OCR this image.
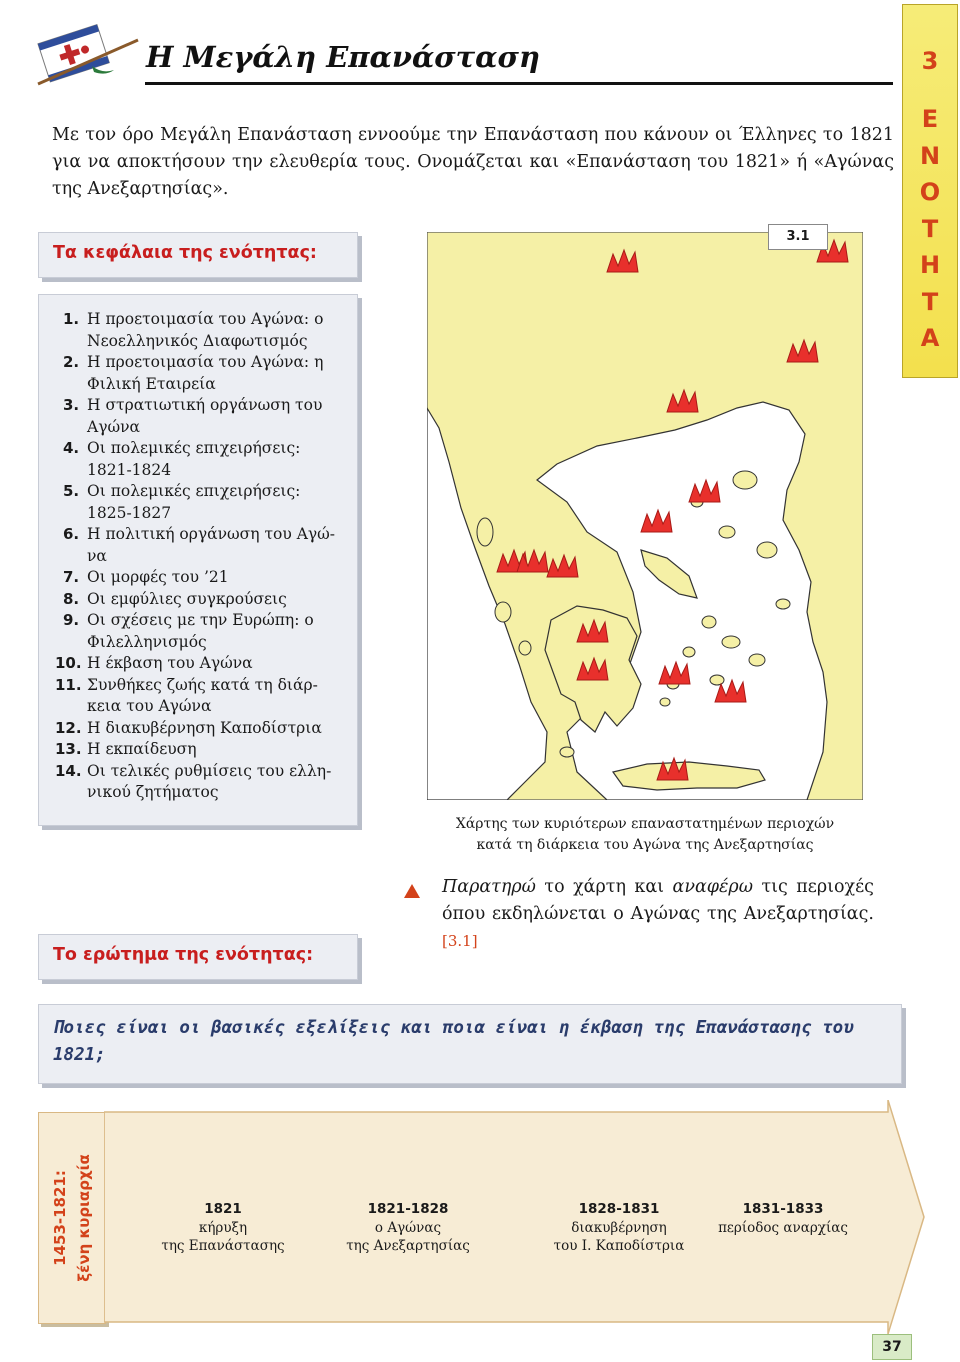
Η Μεγάλη Επανάσταση	3
Ε
Ν
Ο
Τ
Η
Τ
Α
Με τον όρο Μεγάλη Επανάσταση εννοούμε την Επανάσταση που κάνουν οι Έλληνες το 1821 για να αποκτήσουν την ελευθερία τους. Ονομάζεται και «Επανάσταση του 1821» ή «Αγώνας της Ανεξαρτησίας».
Τα κεφάλαια της ενότητας:
1. Η προετοιμασία του Αγώνα: ο Νεοελληνικός Διαφωτισμός
2. Η προετοιμασία του Αγώνα: η Φιλική Εταιρεία
3. Η στρατιωτική οργάνωση του Αγώνα
4. Οι πολεμικές επιχειρήσεις: 1821-1824
5. Οι πολεμικές επιχειρήσεις: 1825-1827
6. Η πολιτική οργάνωση του Αγώ-να
7. Οι μορφές του ’21
8. Οι εμφύλιες συγκρούσεις
9. Οι σχέσεις με την Ευρώπη: ο Φιλελληνισμός
10. Η έκβαση του Αγώνα
11. Συνθήκες ζωής κατά τη διάρ-κεια του Αγώνα
12. Η διακυβέρνηση Καποδίστρια
13. Η εκπαίδευση
14. Οι τελικές ρυθμίσεις του ελλη-νικού ζητήματος
3.1
Χάρτης των κυριότερων επαναστατημένων περιοχών
κατά τη διάρκεια του Αγώνα της Ανεξαρτησίας
Παρατηρώ το χάρτη και αναφέρω τις περιοχές όπου εκδηλώνεται ο Αγώνας της Ανεξαρτησίας. [3.1]
Το ερώτημα της ενότητας:
Ποιες είναι οι βασικές εξελίξεις και ποια είναι η έκβαση της Επανάστασης του 1821;
1453-1821: ξένη κυριαρχία	1821
κήρυξη
της Επανάστασης
1821-1828
ο Αγώνας
της Ανεξαρτησίας
1828-1831
διακυβέρνηση
του Ι. Καποδίστρια
1831-1833
περίοδος αναρχίας
37
